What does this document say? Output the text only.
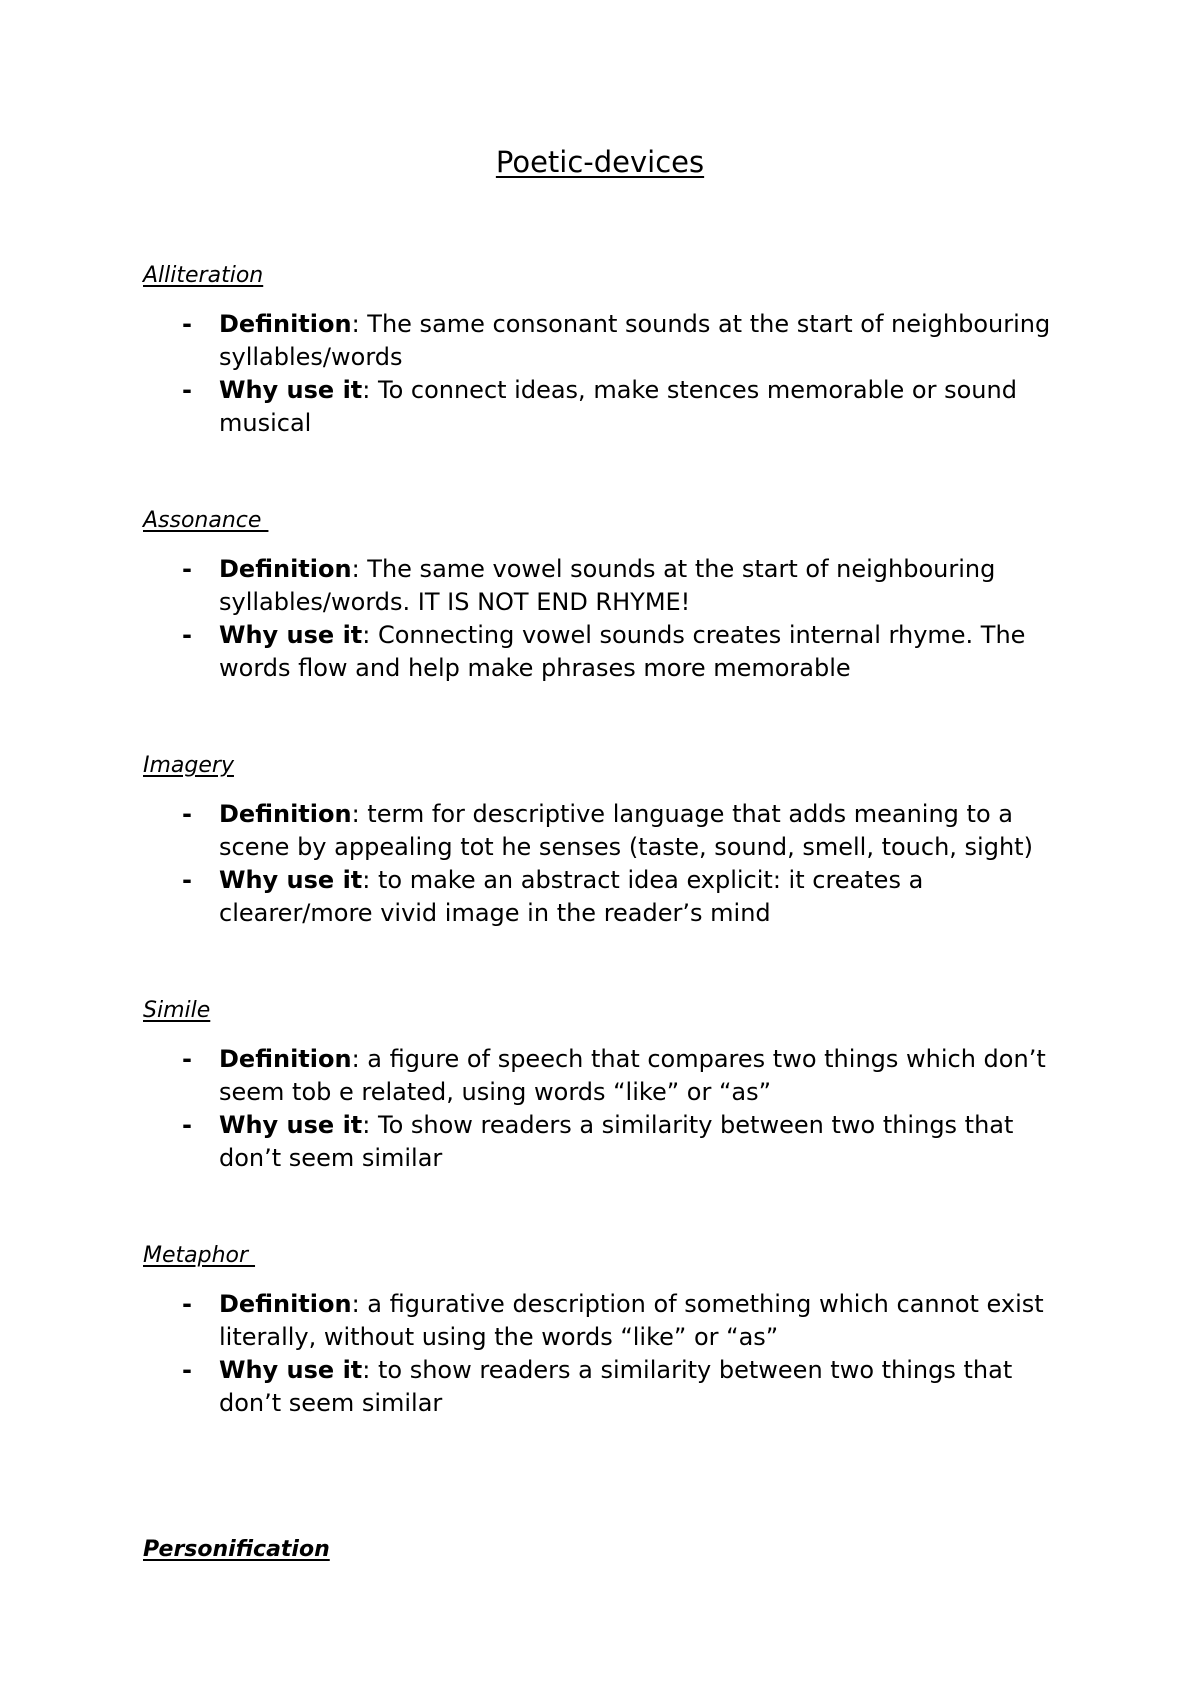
Poetic-devices
Alliteration
- Definition: The same consonant sounds at the start of neighbouring syllables/words
- Why use it: To connect ideas, make stences memorable or sound musical
Assonance
- Definition: The same vowel sounds at the start of neighbouring syllables/words. IT IS NOT END RHYME!
- Why use it: Connecting vowel sounds creates internal rhyme. The words flow and help make phrases more memorable
Imagery
- Definition: term for descriptive language that adds meaning to a scene by appealing tot he senses (taste, sound, smell, touch, sight)
- Why use it: to make an abstract idea explicit: it creates a clearer/more vivid image in the reader’s mind
Simile
- Definition: a figure of speech that compares two things which don’t seem tob e related, using words “like” or “as”
- Why use it: To show readers a similarity between two things that don’t seem similar
Metaphor
- Definition: a figurative description of something which cannot exist literally, without using the words “like” or “as”
- Why use it: to show readers a similarity between two things that don’t seem similar
Personification
